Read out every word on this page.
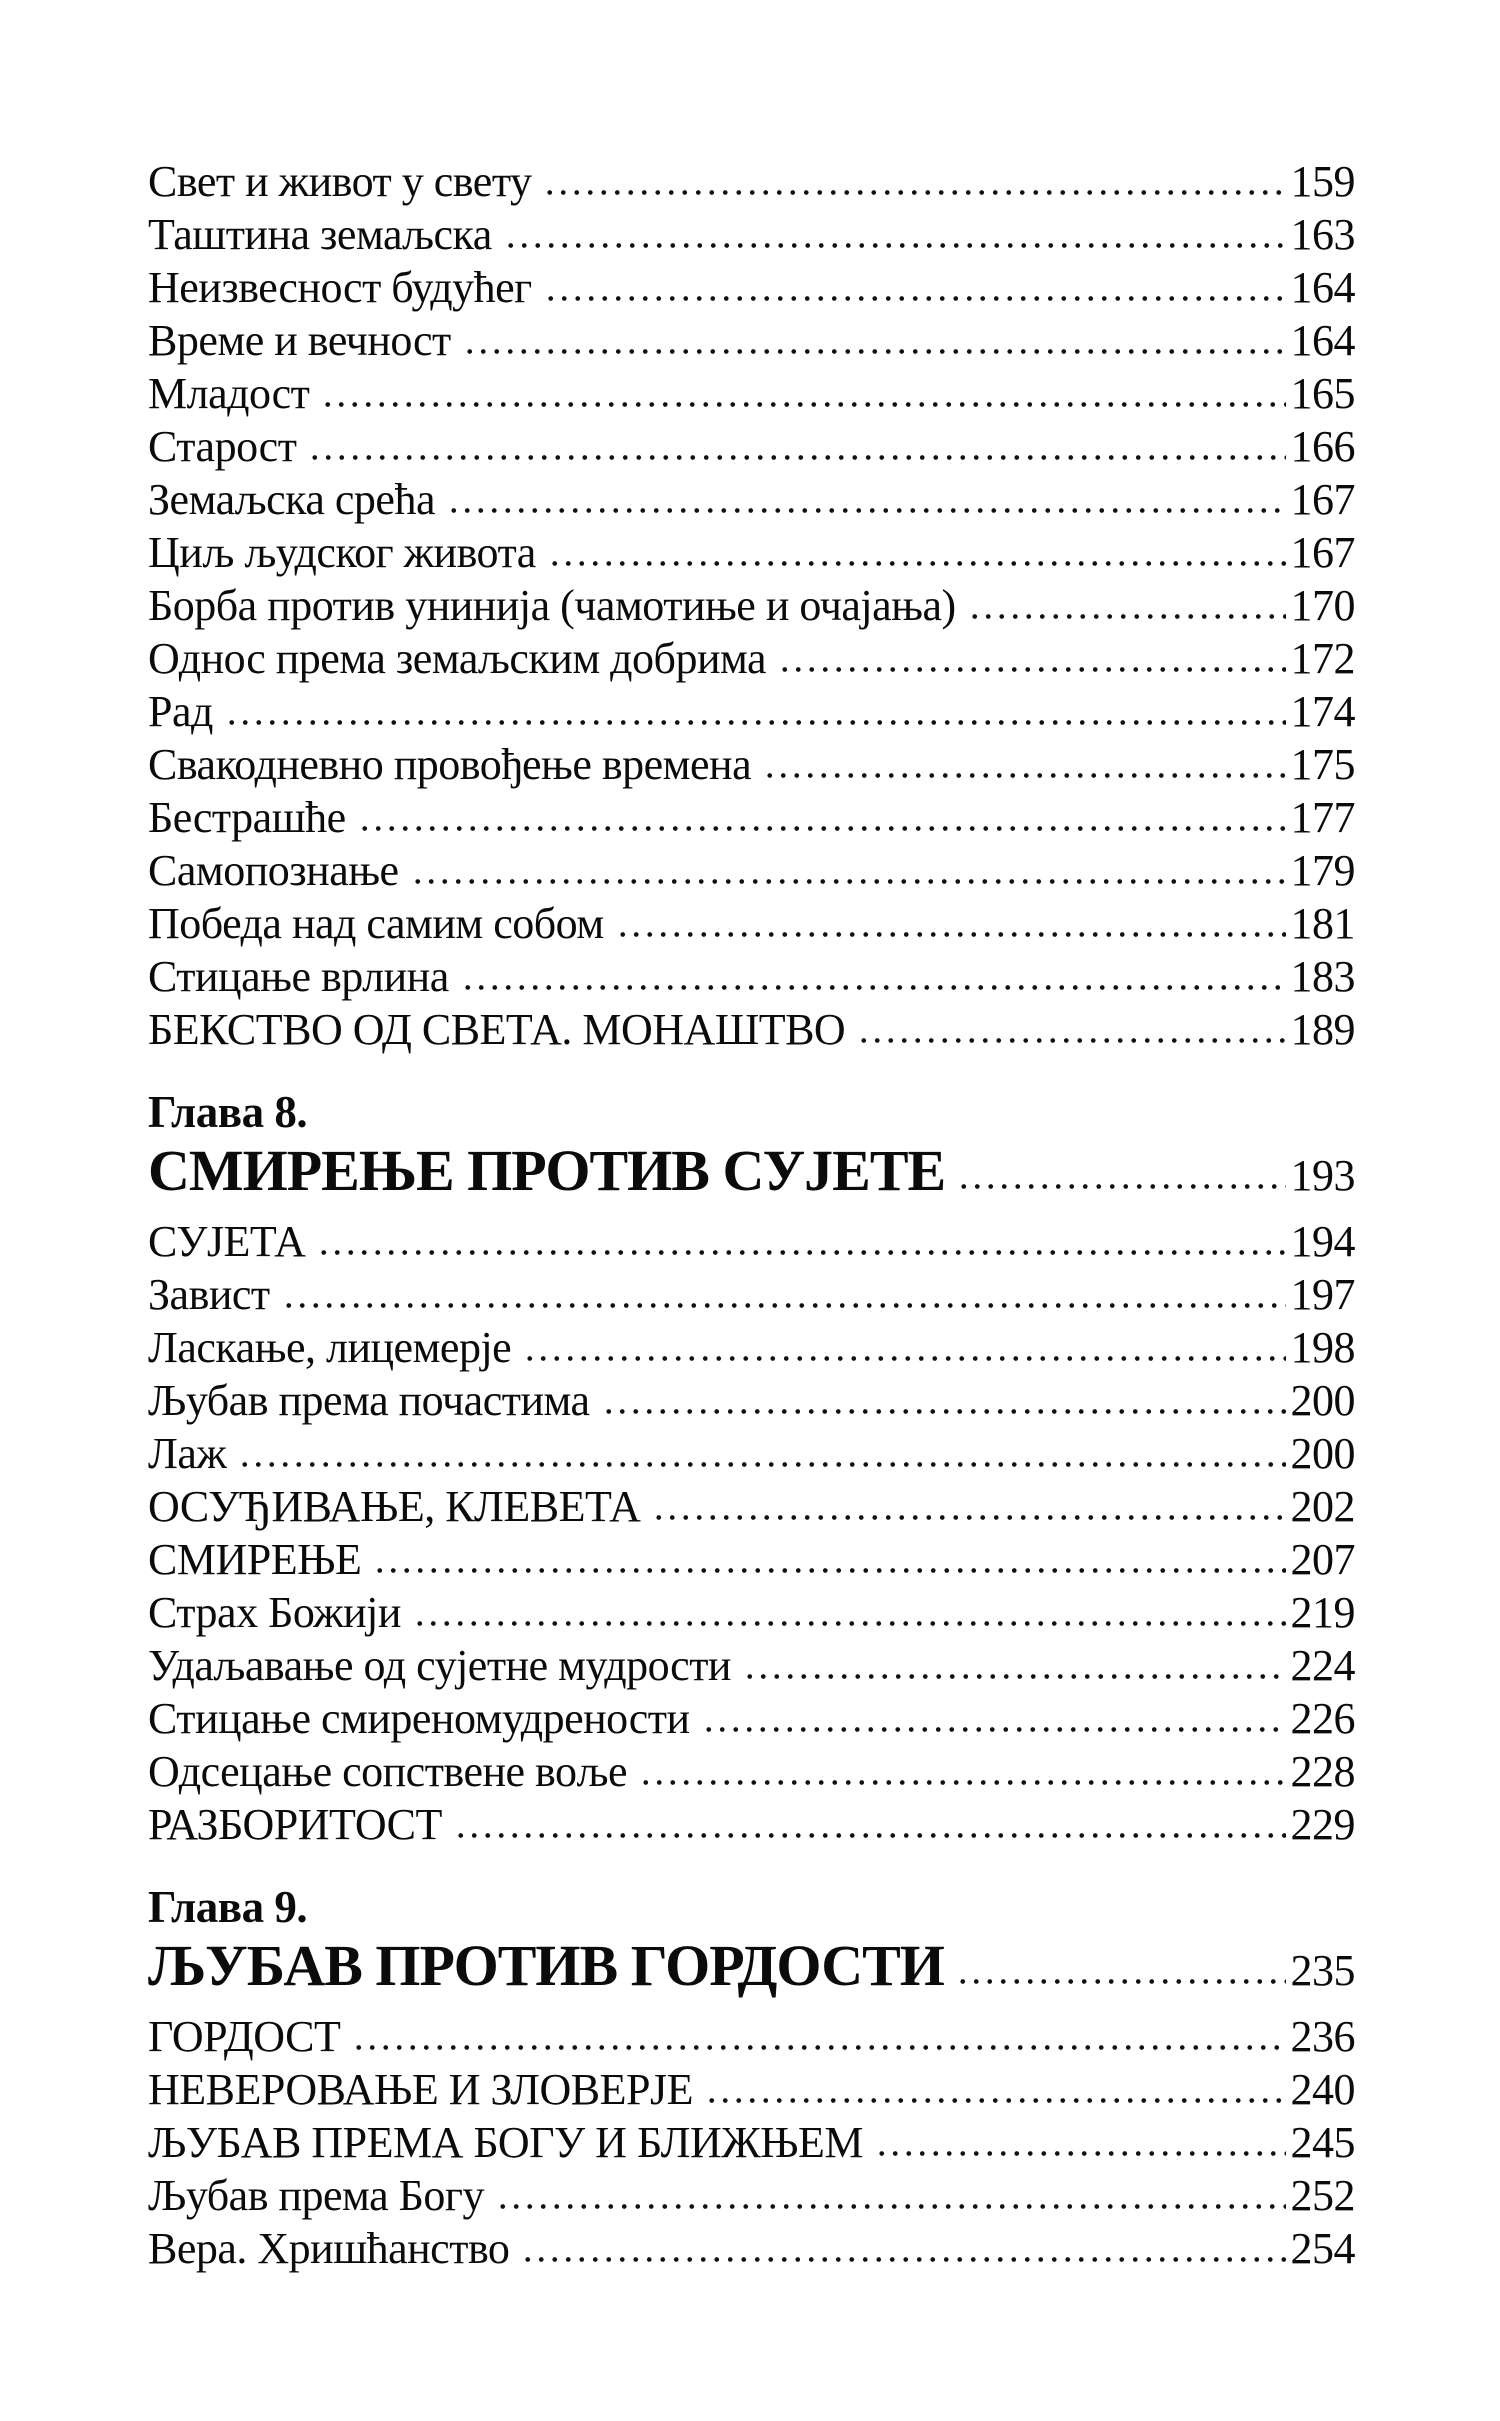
Свет и живот у свету	159
Таштина земаљска	163
Неизвесност будућег	164
Време и вечност	164
Младост	165
Старост	166
Земаљска срећа	167
Циљ људског живота	167
Борба против унинија (чамотиње и очајања)	170
Однос према земаљским добрима	172
Рад	174
Свакодневно провођење времена	175
Бестрашће	177
Самопознање	179
Победа над самим собом	181
Стицање врлина	183
БЕКСТВО ОД СВЕТА. МОНАШТВО	189
Глава 8.
СМИРЕЊЕ ПРОТИВ СУЈЕТЕ	193
СУЈЕТА	194
Завист	197
Ласкање, лицемерје	198
Љубав према почастима	200
Лаж	200
ОСУЂИВАЊЕ, КЛЕВЕТА	202
СМИРЕЊЕ	207
Страх Божији	219
Удаљавање од сујетне мудрости	224
Стицање смиреномудрености	226
Одсецање сопствене воље	228
РАЗБОРИТОСТ	229
Глава 9.
ЉУБАВ ПРОТИВ ГОРДОСТИ	235
ГОРДОСТ	236
НЕВЕРОВАЊЕ И ЗЛОВЕРЈЕ	240
ЉУБАВ ПРЕМА БОГУ И БЛИЖЊЕМ	245
Љубав према Богу	252
Вера. Хришћанство	254
